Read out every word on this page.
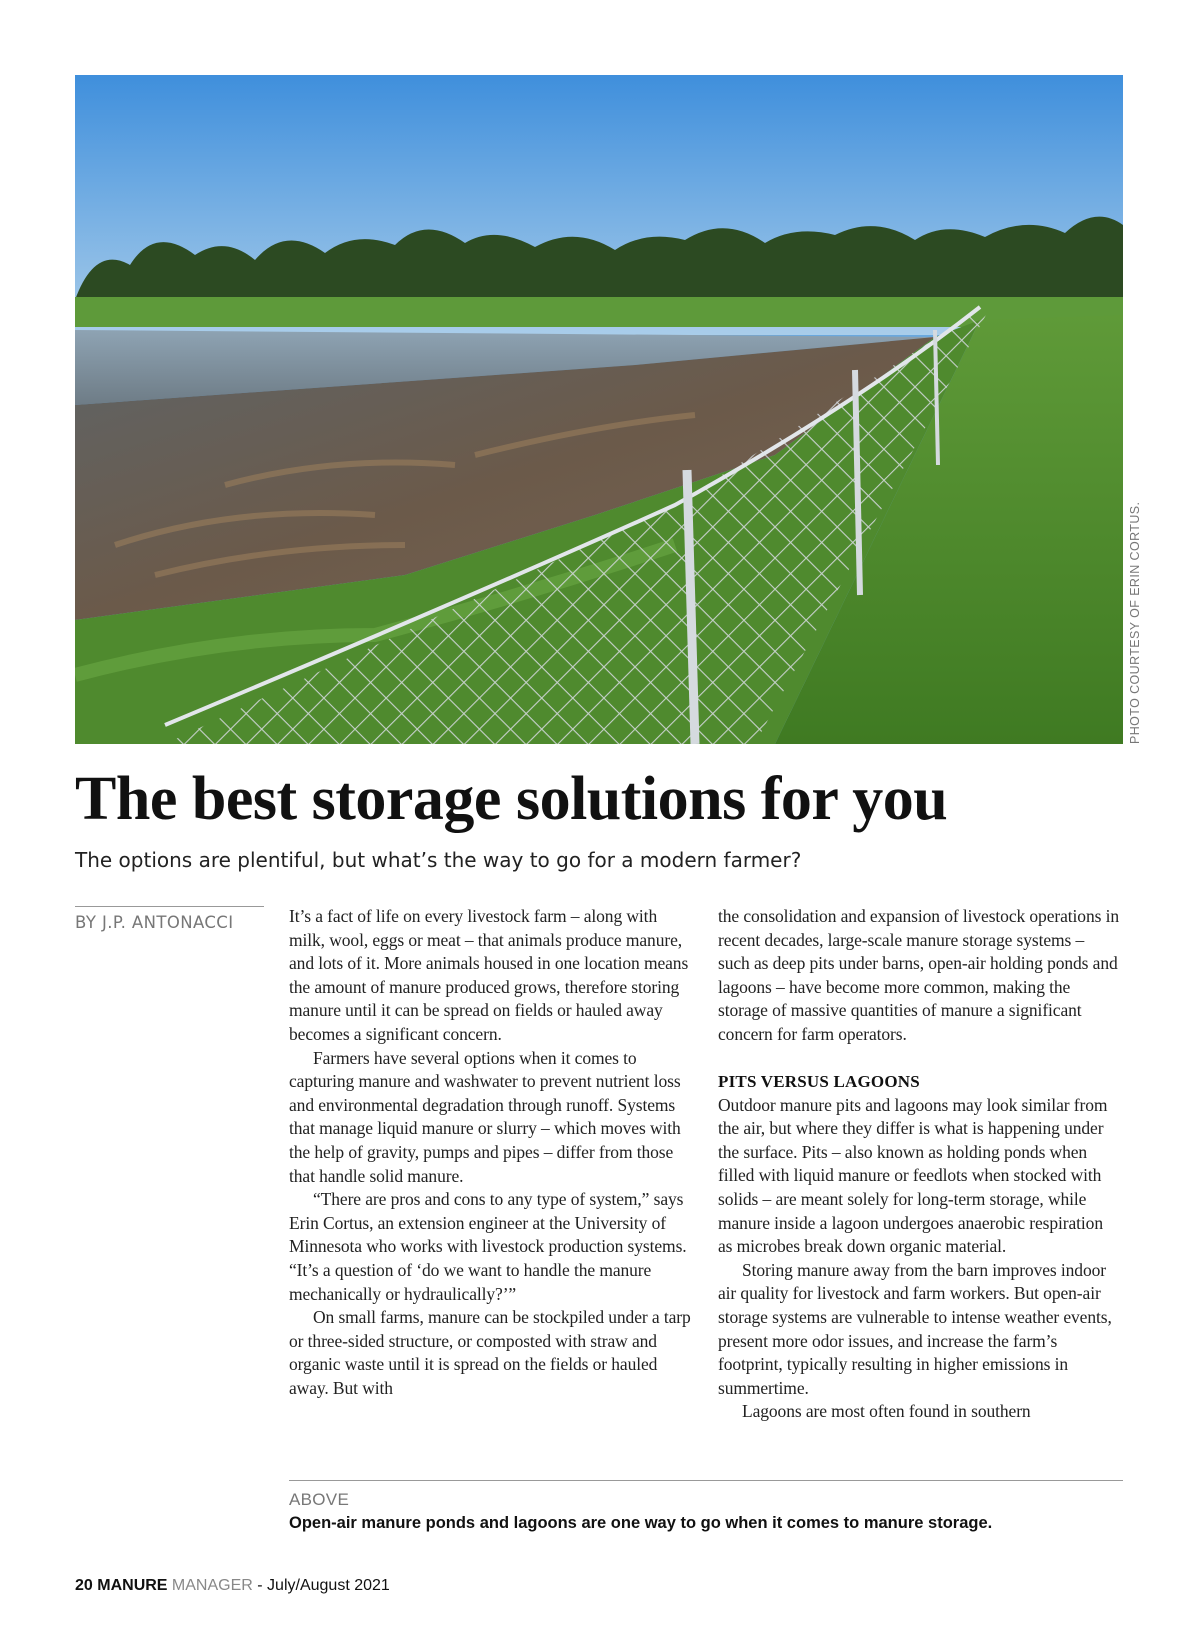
PHOTO COURTESY OF ERIN CORTUS.
The best storage solutions for you

The options are plentiful, but what’s the way to go for a modern farmer?

BY J.P. ANTONACCI	It’s a fact of life on every livestock farm – along with milk, wool, eggs or meat – that animals produce manure, and lots of it. More animals housed in one location means the amount of manure produced grows, therefore storing manure until it can be spread on fields or hauled away becomes a significant concern.

Farmers have several options when it comes to capturing manure and washwater to prevent nutrient loss and environmental degradation through runoff. Systems that manage liquid manure or slurry – which moves with the help of gravity, pumps and pipes – differ from those that handle solid manure.

“There are pros and cons to any type of system,” says Erin Cortus, an extension engineer at the University of Minnesota who works with livestock production systems. “It’s a question of ‘do we want to handle the manure mechanically or hydraulically?’”

On small farms, manure can be stockpiled under a tarp or three-sided structure, or composted with straw and organic waste until it is spread on the fields or hauled away. But with

the consolidation and expansion of livestock operations in recent decades, large-scale manure storage systems – such as deep pits under barns, open-air holding ponds and lagoons – have become more common, making the storage of massive quantities of manure a significant concern for farm operators.

PITS VERSUS LAGOONS

Outdoor manure pits and lagoons may look similar from the air, but where they differ is what is happening under the surface. Pits – also known as holding ponds when filled with liquid manure or feedlots when stocked with solids – are meant solely for long-term storage, while manure inside a lagoon undergoes anaerobic respiration as microbes break down organic material.

Storing manure away from the barn improves indoor air quality for livestock and farm workers. But open-air storage systems are vulnerable to intense weather events, present more odor issues, and increase the farm’s footprint, typically resulting in higher emissions in summertime.

Lagoons are most often found in southern

ABOVE
Open-air manure ponds and lagoons are one way to go when it comes to manure storage.
20 MANURE MANAGER - July/August 2021
